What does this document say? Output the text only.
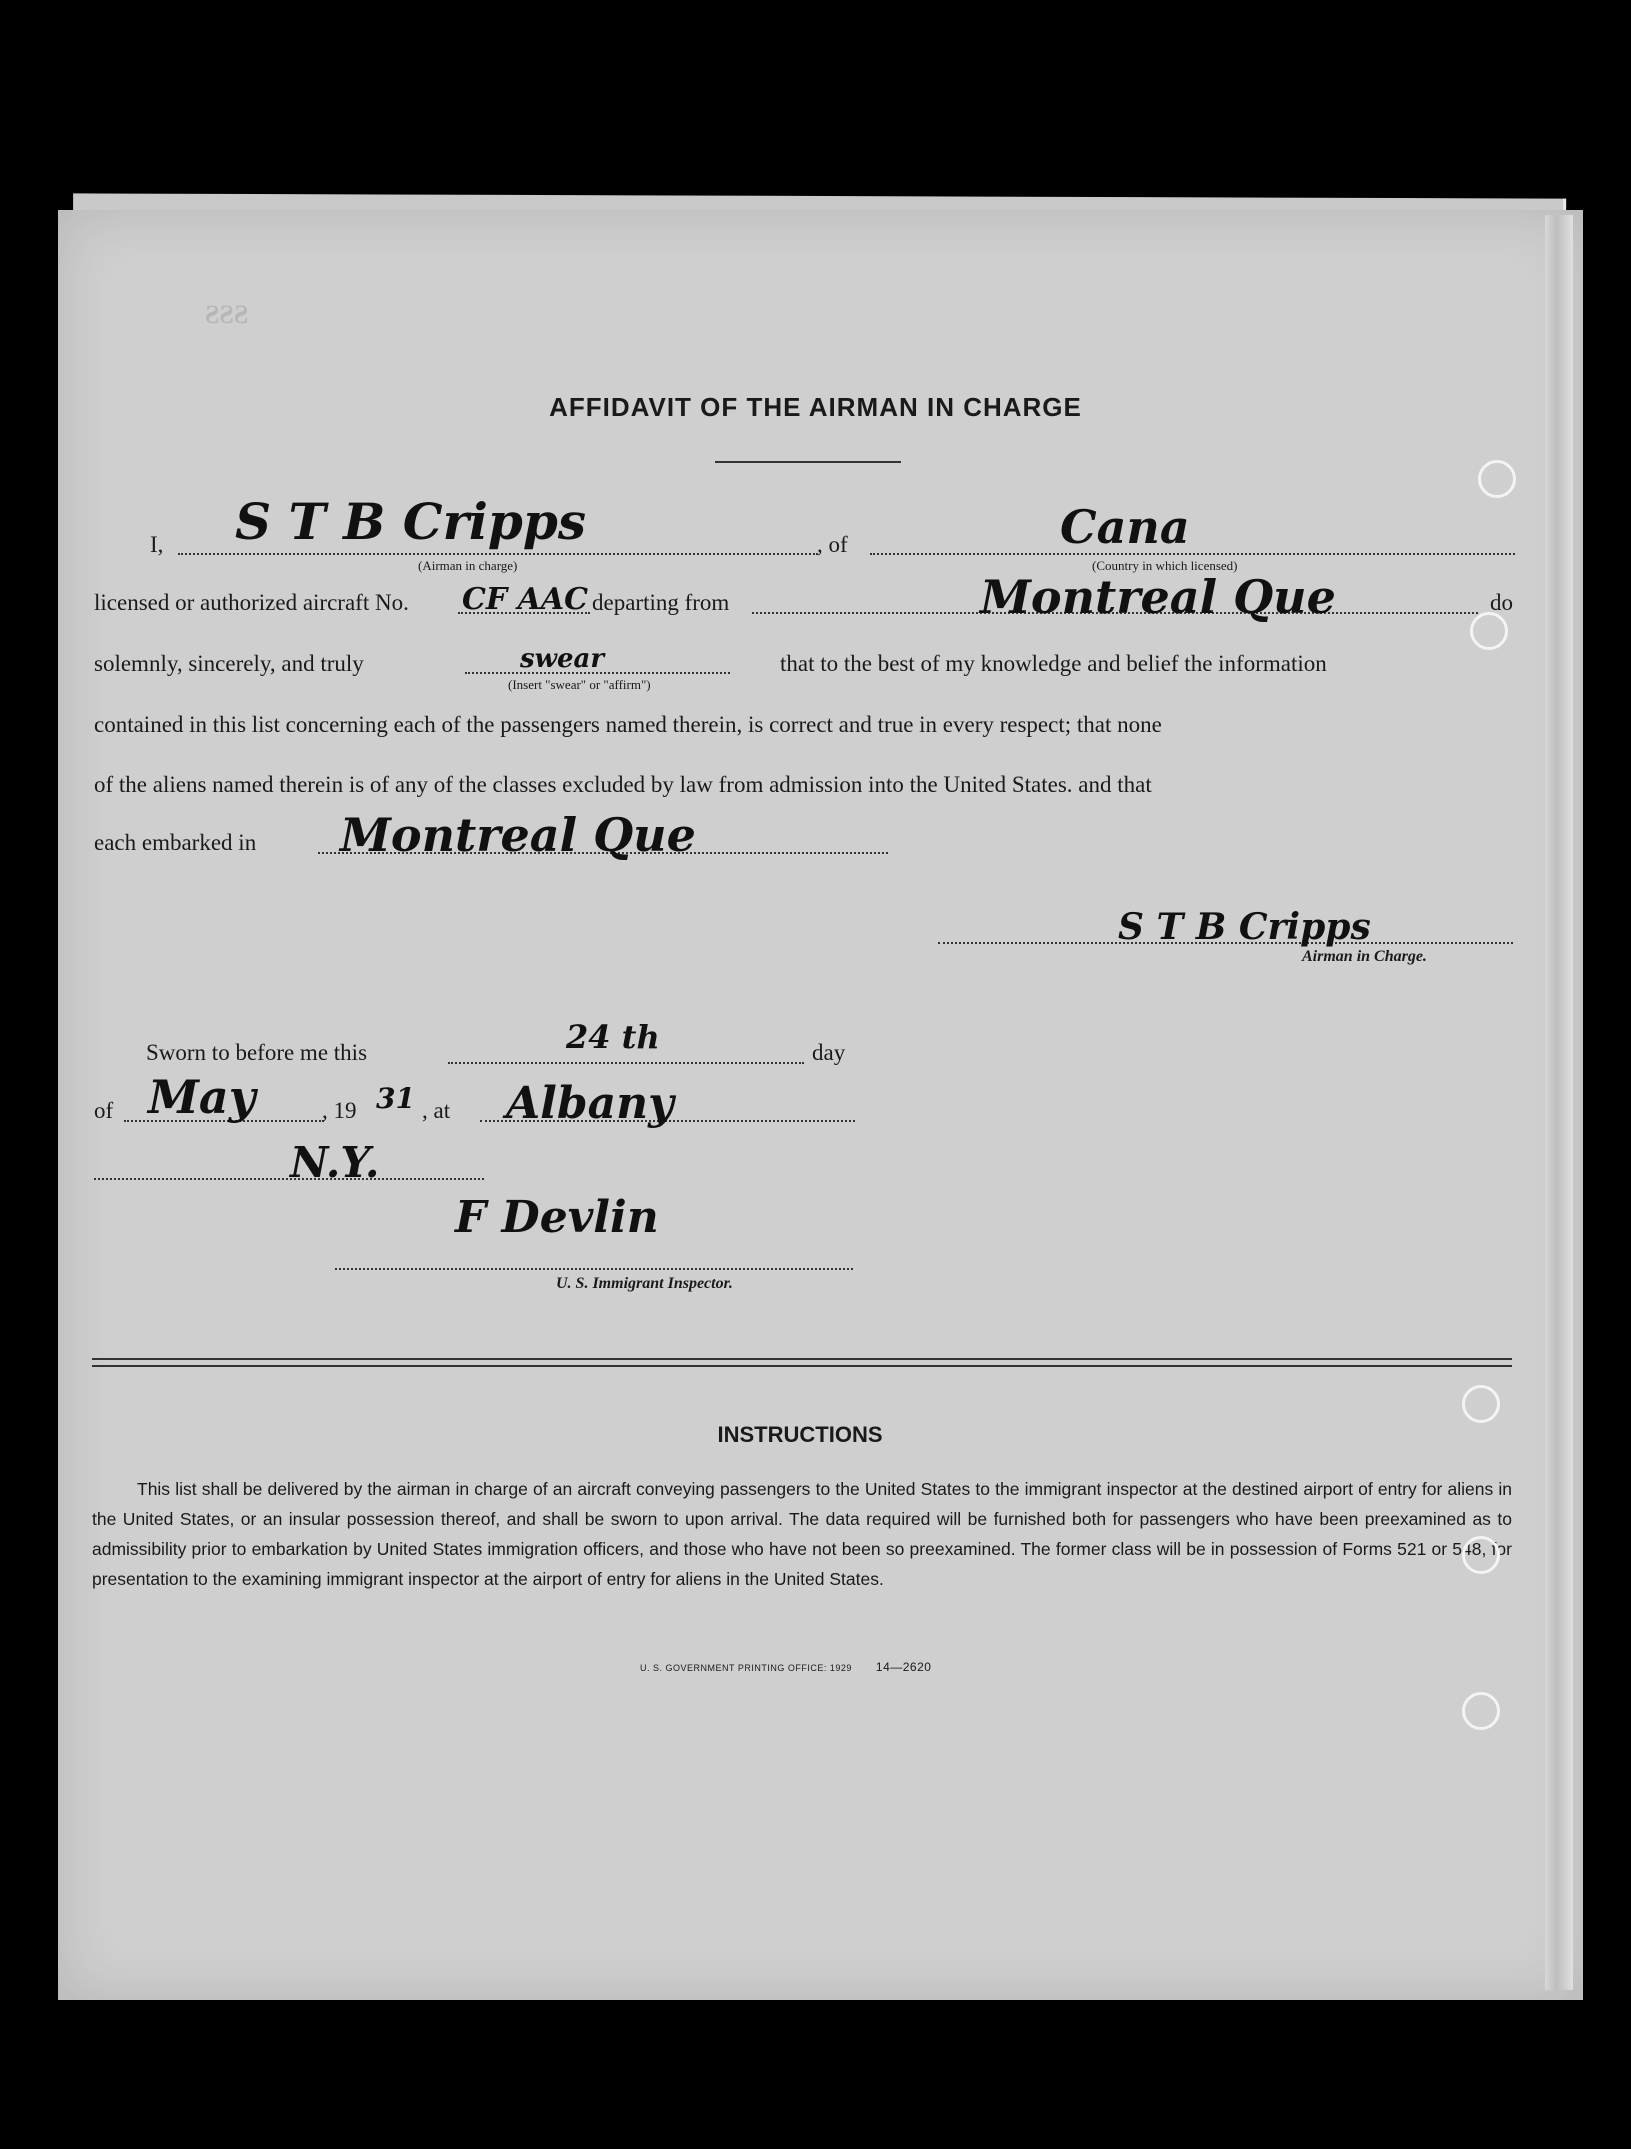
SSS
AFFIDAVIT OF THE AIRMAN IN CHARGE
I, S T B Cripps
(Airman in charge)
, of	Cana
(Country in which licensed)
licensed or authorized aircraft No. CF AAC departing from	Montreal Que	do
solemnly, sincerely, and truly	swear
(Insert "swear" or "affirm")
that to the best of my knowledge and belief the information
contained in this list concerning each of the passengers named therein, is correct and true in every respect; that none
of the aliens named therein is of any of the classes excluded by law from admission into the United States. and that
each embarked in Montreal Que
S T B Cripps
Airman in Charge.
Sworn to before me this	24 th	day
of May	, 19 31 , at Albany
N.Y.
F Devlin
U. S. Immigrant Inspector.
INSTRUCTIONS
This list shall be delivered by the airman in charge of an aircraft conveying passengers to the United States to the immigrant inspector at the destined airport of entry for aliens in the United States, or an insular possession thereof, and shall be sworn to upon arrival. The data required will be furnished both for passengers who have been preexamined as to admissibility prior to embarkation by United States immigration officers, and those who have not been so preexamined. The former class will be in possession of Forms 521 or 548, for presentation to the examining immigrant inspector at the airport of entry for aliens in the United States.
U. S. GOVERNMENT PRINTING OFFICE: 1929 14—2620
